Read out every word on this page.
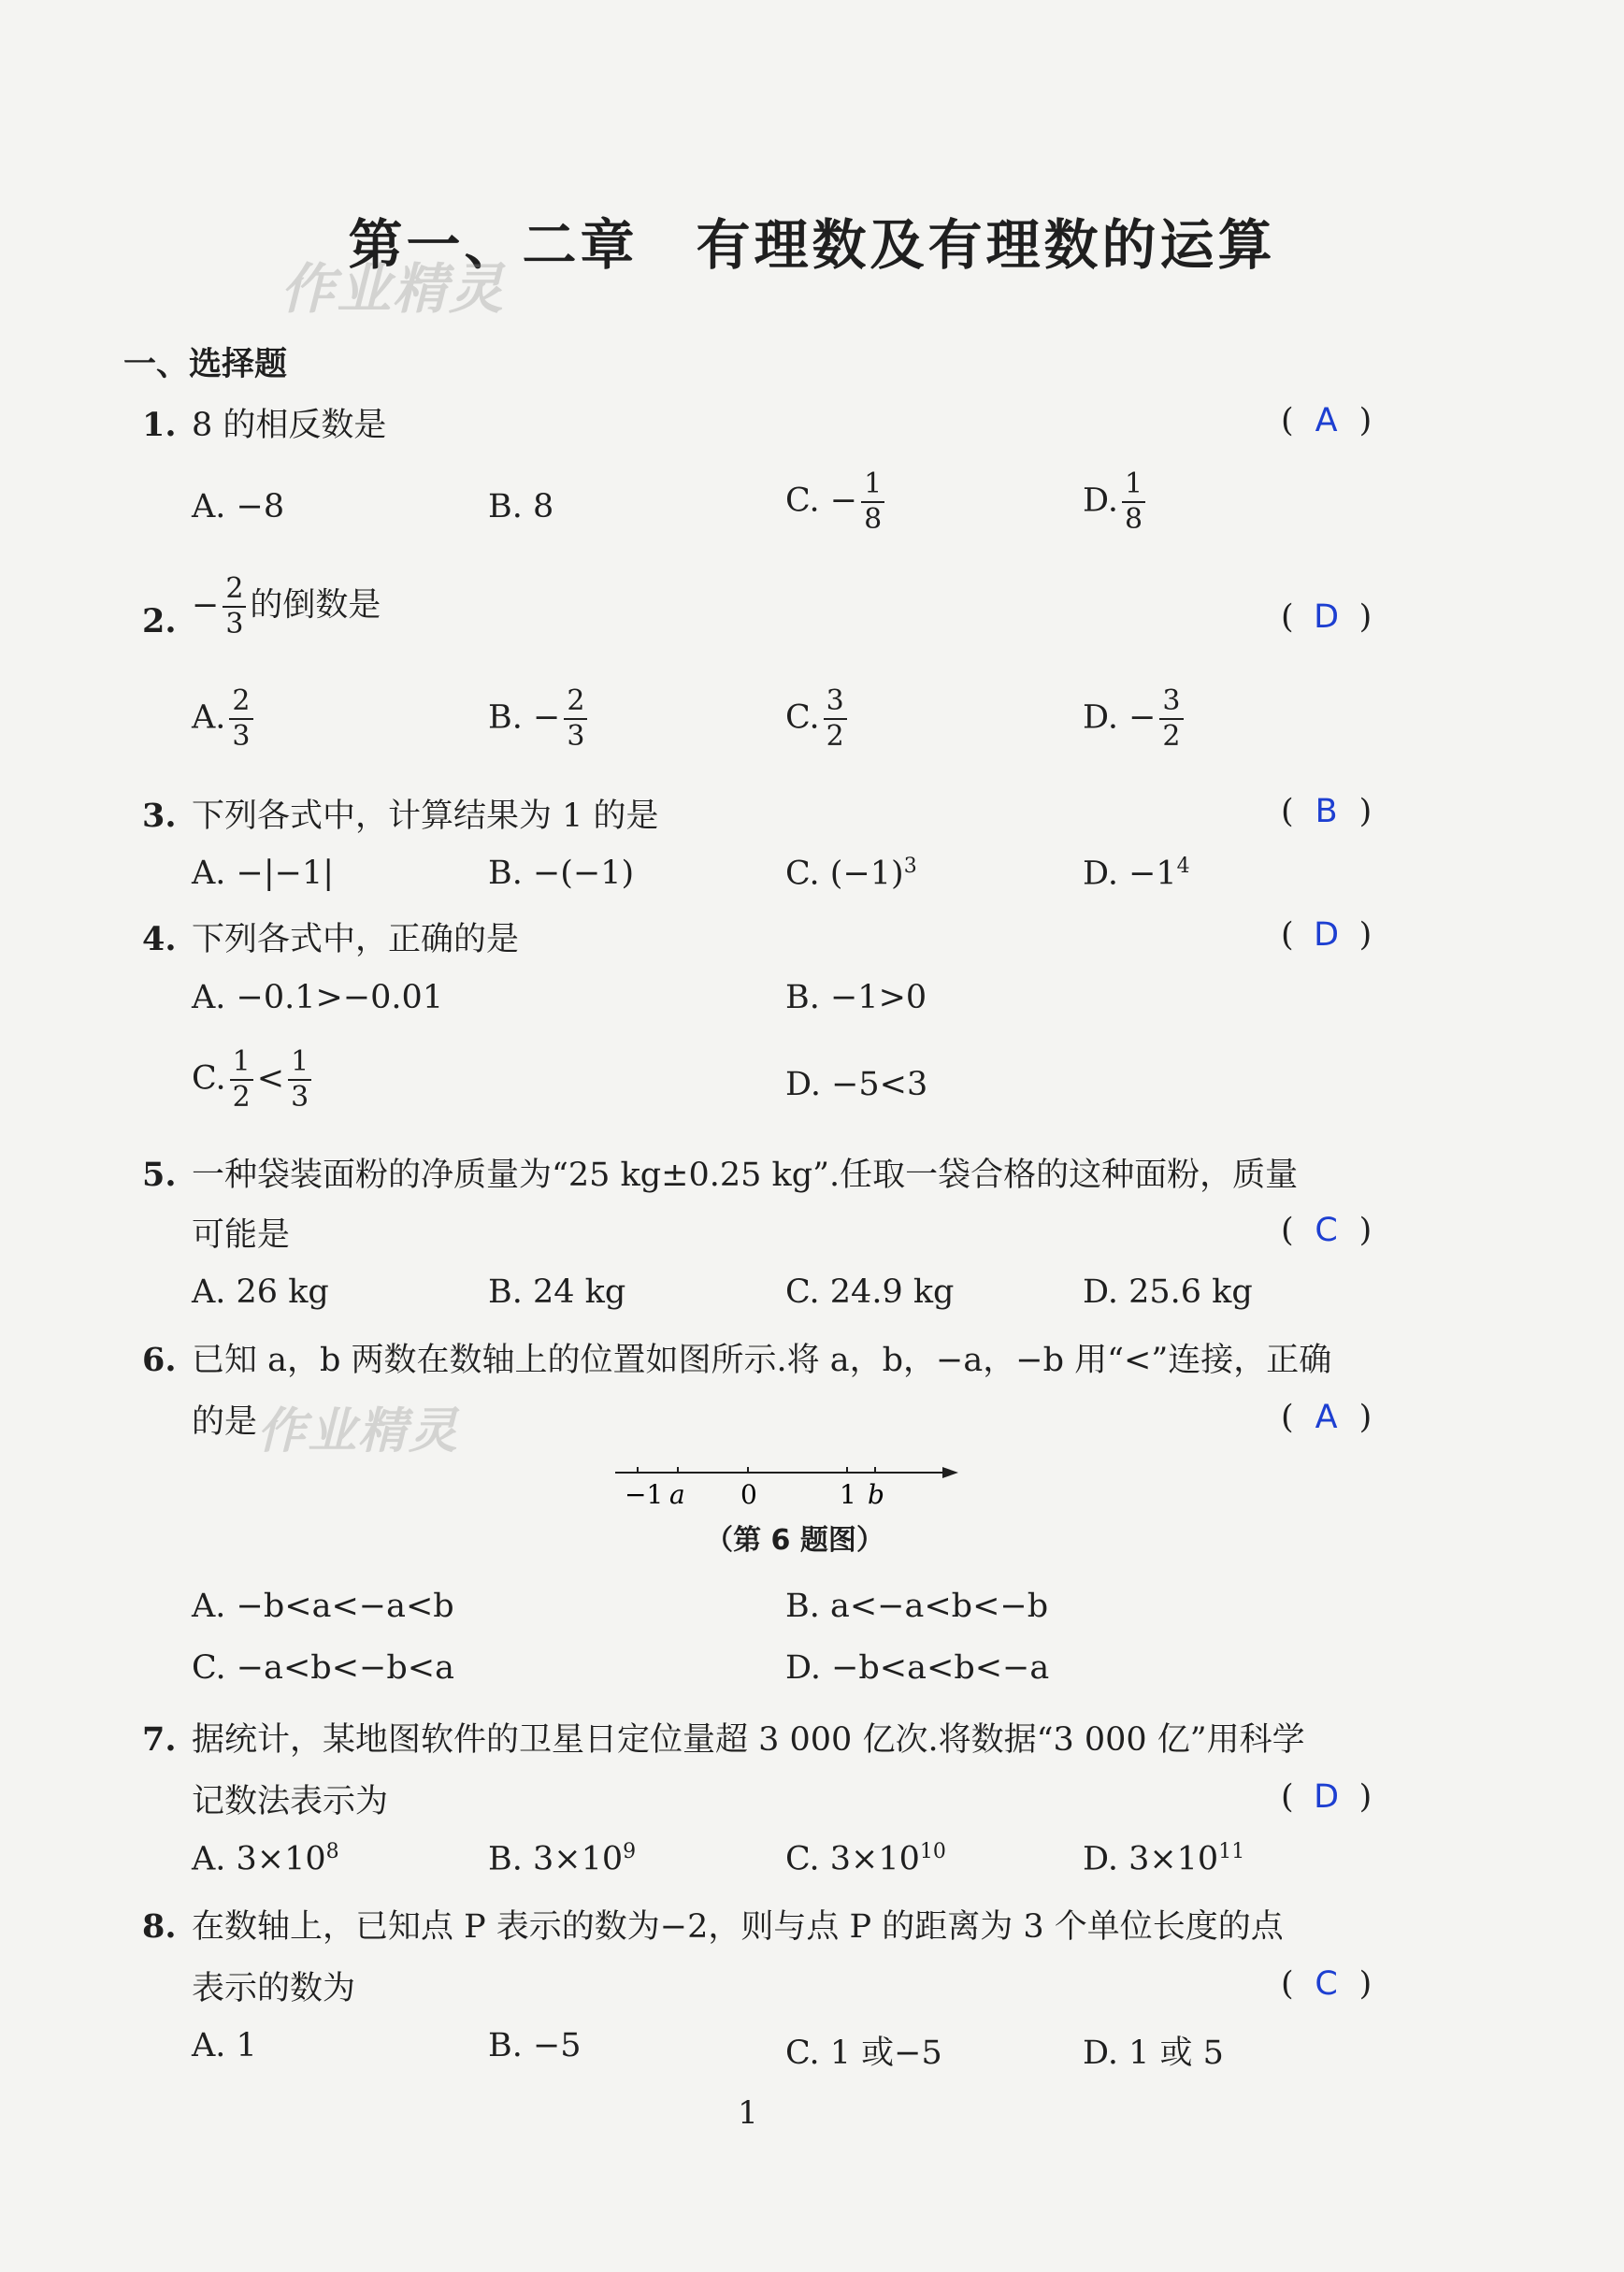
第一、二章　有理数及有理数的运算
作业精灵
一、选择题
1. 8 的相反数是	( A )
A. −8	B. 8	C. − $\frac{1}{8}$	D. $\frac{1}{8}$
2. − $\frac{2}{3}$ 的倒数是	( D )
A. $\frac{2}{3}$	B. − $\frac{2}{3}$	C. $\frac{3}{2}$	D. − $\frac{3}{2}$
3. 下列各式中，计算结果为 1 的是	( B )
A. −|−1|	B. −(−1)	C. $(-1)^3$	D. $-1^4$
4. 下列各式中，正确的是	( D )
A. −0.1>−0.01	B. −1>0
C. $\frac{1}{2} < \frac{1}{3}$	D. −5<3
5. 一种袋装面粉的净质量为“25 kg±0.25 kg”.任取一袋合格的这种面粉，质量
可能是	( C )
A. 26 kg	B. 24 kg	C. 24.9 kg	D. 25.6 kg
6. 已知 a，b 两数在数轴上的位置如图所示.将 a，b，−a，−b 用“<”连接，正确
的是 作业精灵	( A )
−1 a 0	1 b
（第 6 题图）
A. −b<a<−a<b	B. a<−a<b<−b
C. −a<b<−b<a	D. −b<a<b<−a
7. 据统计，某地图软件的卫星日定位量超 3 000 亿次.将数据“3 000 亿”用科学
记数法表示为	( D )
A. $3\times 10^8$	B. $3\times 10^9$	C. $3\times 10^{10}$	D. $3\times 10^{11}$
8. 在数轴上，已知点 P 表示的数为−2，则与点 P 的距离为 3 个单位长度的点
表示的数为	( C )
A. 1	B. −5	C. 1 或−5	D. 1 或 5
1
